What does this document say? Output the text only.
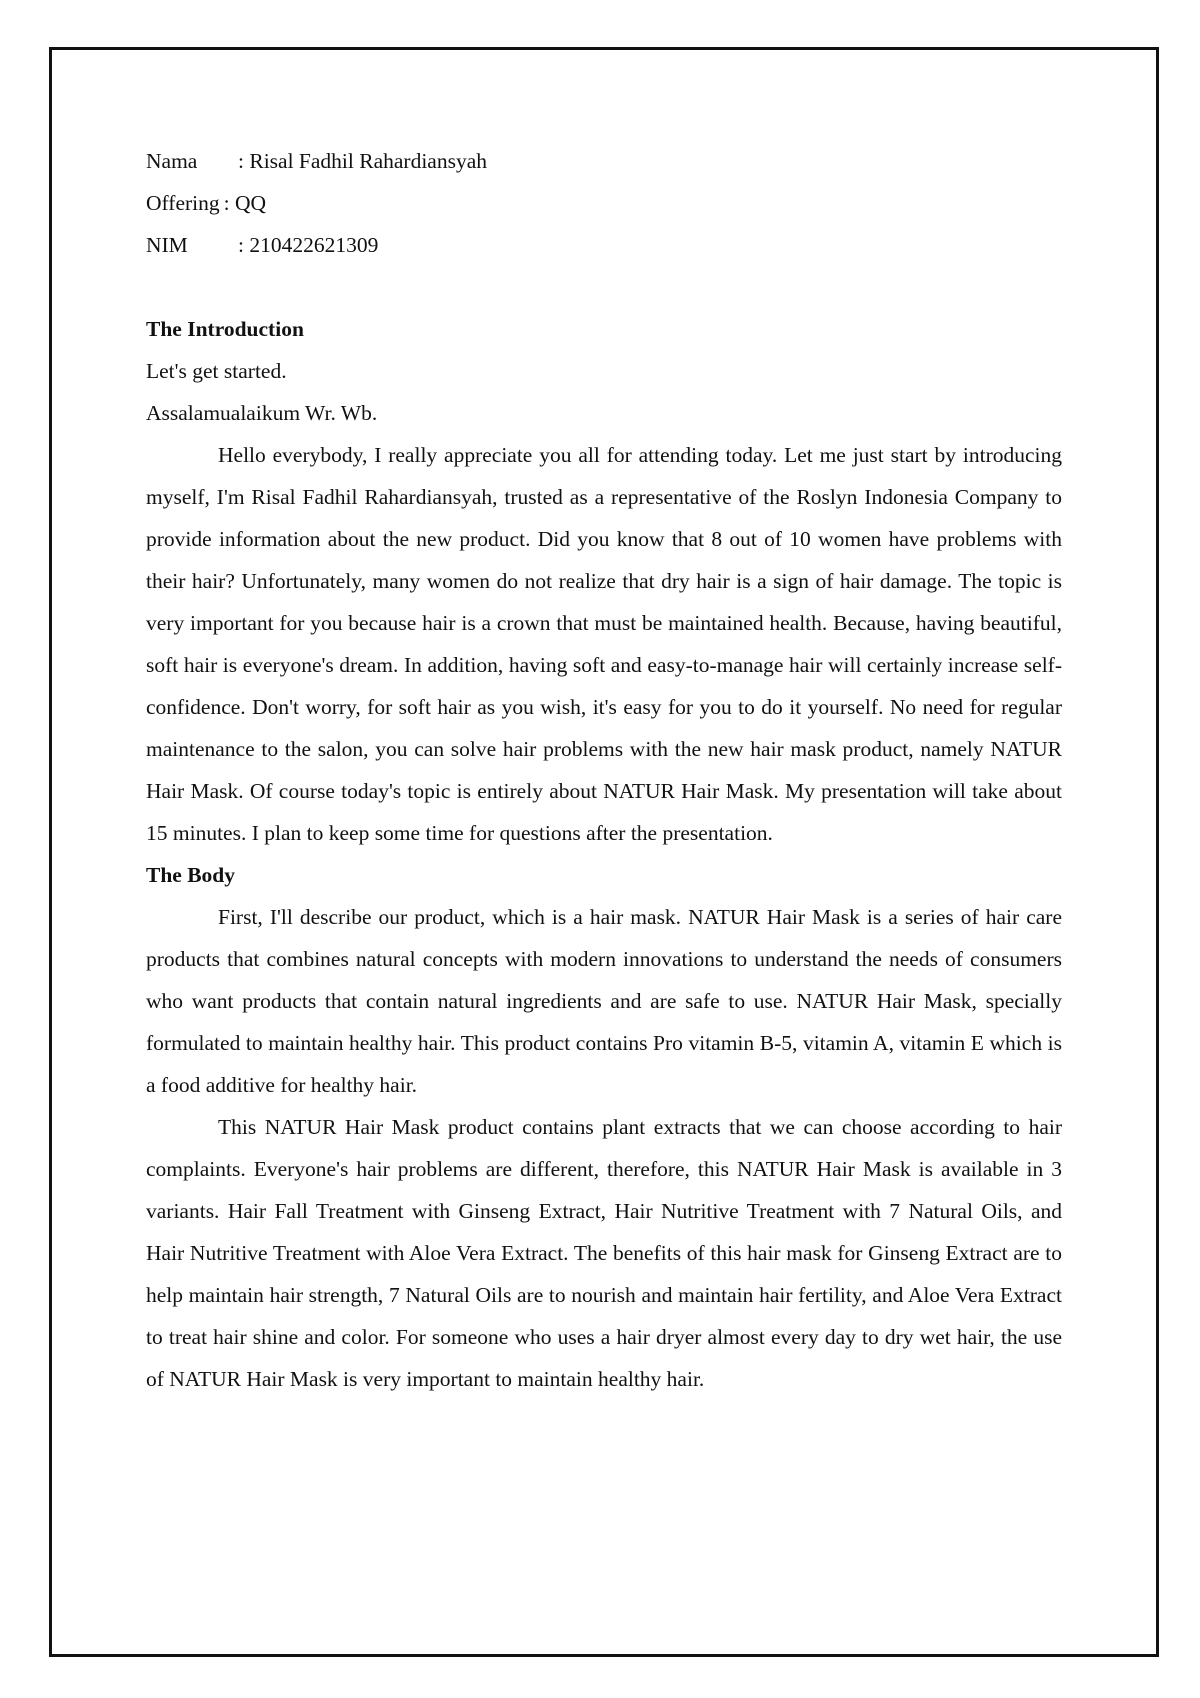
Nama	: Risal Fadhil Rahardiansyah
Offering : QQ
NIM	: 210422621309
The Introduction
Let's get started.
Assalamualaikum Wr. Wb.

Hello everybody, I really appreciate you all for attending today. Let me just start by introducing myself, I'm Risal Fadhil Rahardiansyah, trusted as a representative of the Roslyn Indonesia Company to provide information about the new product. Did you know that 8 out of 10 women have problems with their hair? Unfortunately, many women do not realize that dry hair is a sign of hair damage. The topic is very important for you because hair is a crown that must be maintained health. Because, having beautiful, soft hair is everyone's dream. In addition, having soft and easy-to-manage hair will certainly increase self-confidence. Don't worry, for soft hair as you wish, it's easy for you to do it yourself. No need for regular maintenance to the salon, you can solve hair problems with the new hair mask product, namely NATUR Hair Mask. Of course today's topic is entirely about NATUR Hair Mask. My presentation will take about 15 minutes. I plan to keep some time for questions after the presentation.

The Body

First, I'll describe our product, which is a hair mask. NATUR Hair Mask is a series of hair care products that combines natural concepts with modern innovations to understand the needs of consumers who want products that contain natural ingredients and are safe to use. NATUR Hair Mask, specially formulated to maintain healthy hair. This product contains Pro vitamin B-5, vitamin A, vitamin E which is a food additive for healthy hair.

This NATUR Hair Mask product contains plant extracts that we can choose according to hair complaints. Everyone's hair problems are different, therefore, this NATUR Hair Mask is available in 3 variants. Hair Fall Treatment with Ginseng Extract, Hair Nutritive Treatment with 7 Natural Oils, and Hair Nutritive Treatment with Aloe Vera Extract. The benefits of this hair mask for Ginseng Extract are to help maintain hair strength, 7 Natural Oils are to nourish and maintain hair fertility, and Aloe Vera Extract to treat hair shine and color. For someone who uses a hair dryer almost every day to dry wet hair, the use of NATUR Hair Mask is very important to maintain healthy hair.
